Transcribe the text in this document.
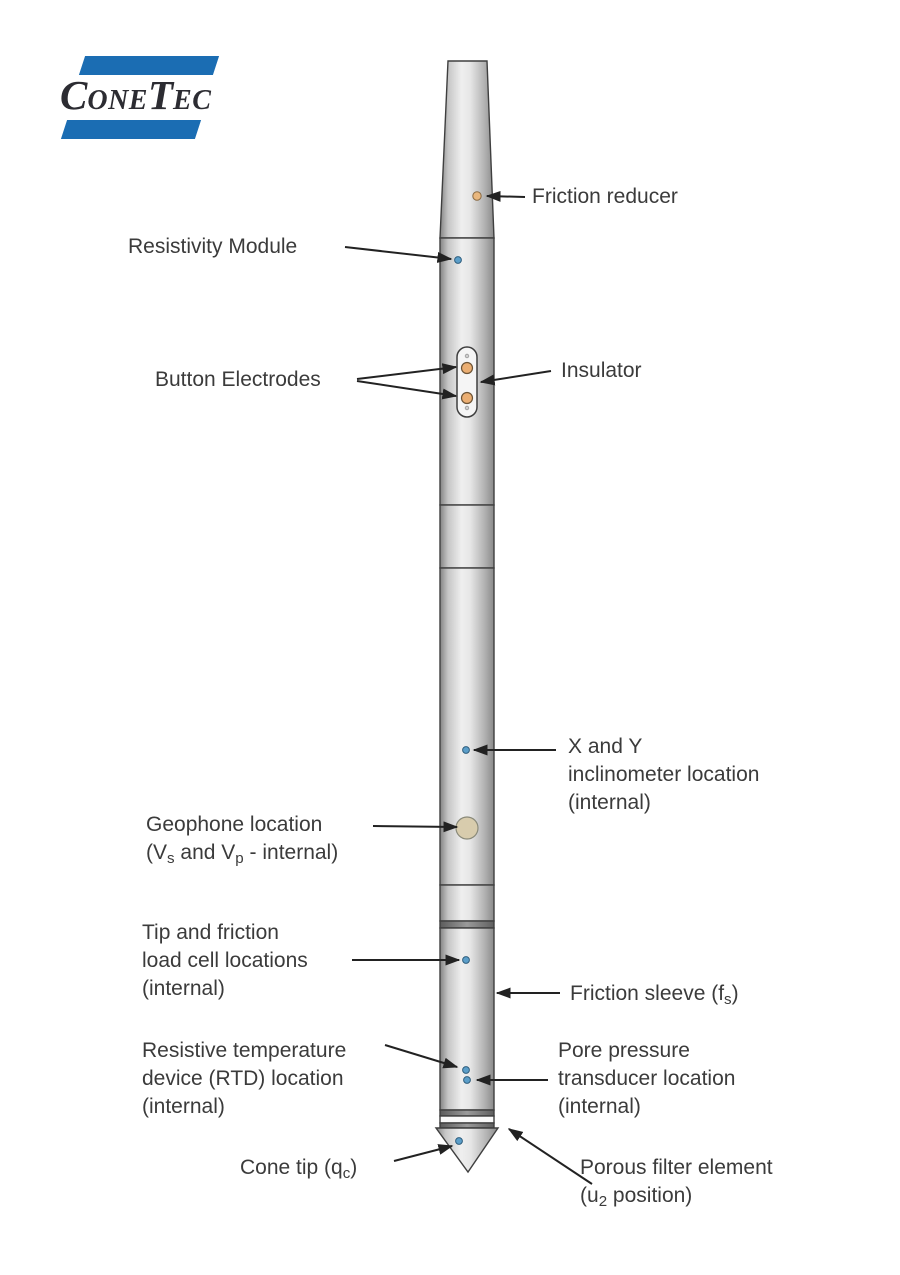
CONETEC
Friction reducer
Resistivity Module
Button Electrodes	Insulator
X and Y
inclinometer location
(internal)
Geophone location
($V_s$ and $V_p$ - internal)
Tip and friction
load cell locations
(internal)	Friction sleeve $(f_s)$
Resistive temperature
device (RTD) location
(internal)
Pore pressure
transducer location
(internal)
Cone tip $(q_c)$	Porous filter element
($u_2$ position)
